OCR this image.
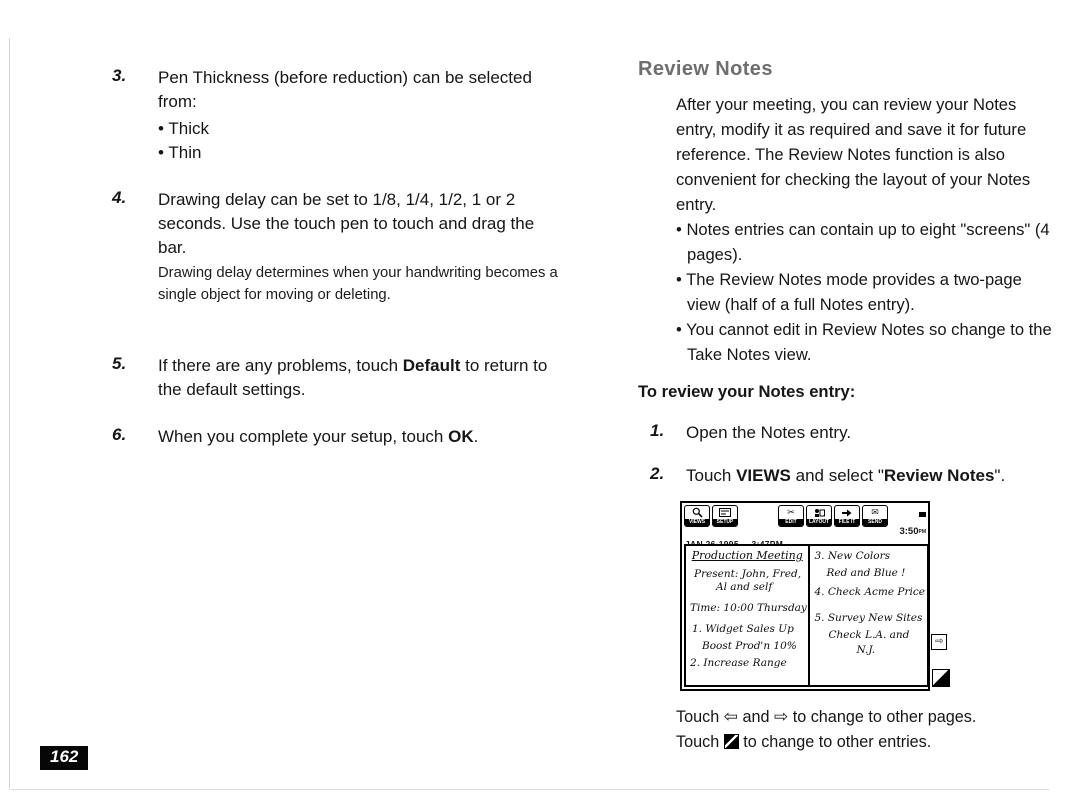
3.	Pen Thickness (before reduction) can be selected from:
• Thick
• Thin
4.	Drawing delay can be set to 1/8, 1/4, 1/2, 1 or 2 seconds. Use the touch pen to touch and drag the bar.
Drawing delay determines when your handwriting becomes a single object for moving or deleting.
5.	If there are any problems, touch Default to return to the default settings.
6.	When you complete your setup, touch OK.
Review Notes

After your meeting, you can review your Notes entry, modify it as required and save it for future reference. The Review Notes function is also convenient for checking the layout of your Notes entry.

• Notes entries can contain up to eight "screens" (4 pages).
• The Review Notes mode provides a two-page view (half of a full Notes entry).
• You cannot edit in Review Notes so change to the Take Notes view.
To review your Notes entry:
1.	Open the Notes entry.
2.	Touch VIEWS and select "Review Notes".
VIEWS	SETUP
✂
EDIT	LAYOUT	FILE IT
✉
SEND

3:50PM
Production Meeting
Present: John, Fred,
Al and self
Time: 10:00 Thursday
1. Widget Sales Up
Boost Prod'n 10%
2. Increase Range
3. New Colors
Red and Blue !
4. Check Acme Price
5. Survey New Sites
Check L.A. and
N.J.
⇨
Touch ⇦ and ⇨ to change to other pages.
Touch  to change to other entries.
162
